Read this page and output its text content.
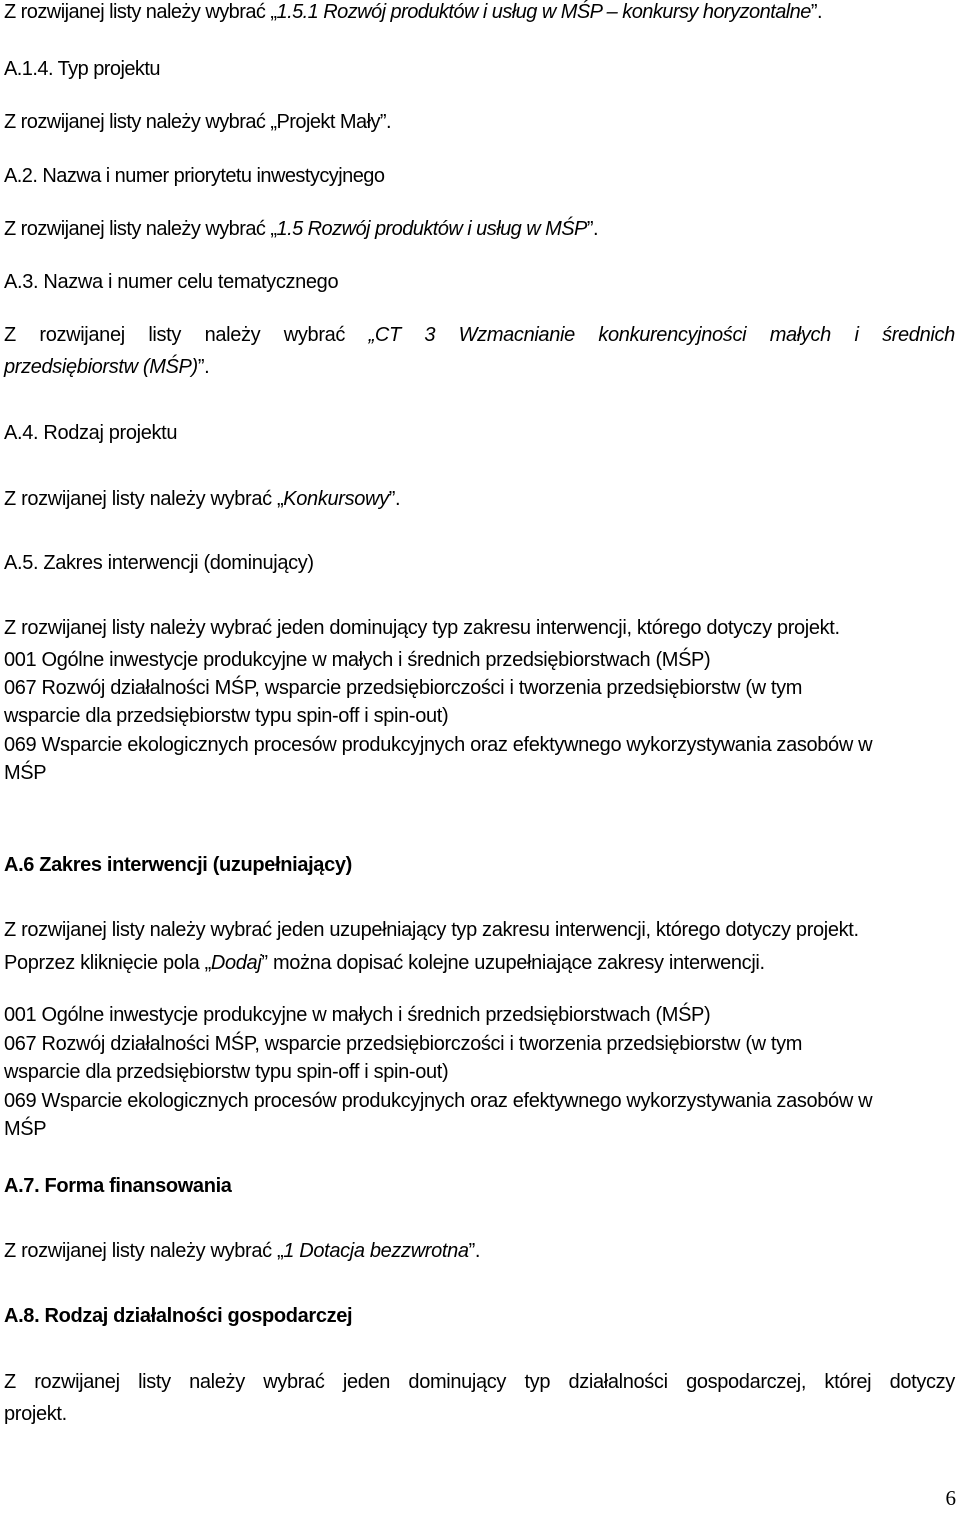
Z rozwijanej listy należy wybrać „1.5.1 Rozwój produktów i usług w MŚP – konkursy horyzontalne”.
A.1.4. Typ projektu
Z rozwijanej listy należy wybrać „Projekt Mały”.
A.2. Nazwa i numer priorytetu inwestycyjnego
Z rozwijanej listy należy wybrać „1.5 Rozwój produktów i usług w MŚP”.
A.3. Nazwa i numer celu tematycznego
Z rozwijanej listy należy wybrać „CT 3 Wzmacnianie konkurencyjności małych i średnich
przedsiębiorstw (MŚP)”.
A.4. Rodzaj projektu
Z rozwijanej listy należy wybrać „Konkursowy”.
A.5. Zakres interwencji (dominujący)
Z rozwijanej listy należy wybrać jeden dominujący typ zakresu interwencji, którego dotyczy projekt.
001 Ogólne inwestycje produkcyjne w małych i średnich przedsiębiorstwach (MŚP)
067 Rozwój działalności MŚP, wsparcie przedsiębiorczości i tworzenia przedsiębiorstw (w tym
wsparcie dla przedsiębiorstw typu spin-off i spin-out)
069 Wsparcie ekologicznych procesów produkcyjnych oraz efektywnego wykorzystywania zasobów w
MŚP
A.6 Zakres interwencji (uzupełniający)
Z rozwijanej listy należy wybrać jeden uzupełniający typ zakresu interwencji, którego dotyczy projekt.
Poprzez kliknięcie pola „Dodaj” można dopisać kolejne uzupełniające zakresy interwencji.
001 Ogólne inwestycje produkcyjne w małych i średnich przedsiębiorstwach (MŚP)
067 Rozwój działalności MŚP, wsparcie przedsiębiorczości i tworzenia przedsiębiorstw (w tym
wsparcie dla przedsiębiorstw typu spin-off i spin-out)
069 Wsparcie ekologicznych procesów produkcyjnych oraz efektywnego wykorzystywania zasobów w
MŚP
A.7. Forma finansowania
Z rozwijanej listy należy wybrać „1 Dotacja bezzwrotna”.
A.8. Rodzaj działalności gospodarczej
Z rozwijanej listy należy wybrać jeden dominujący typ działalności gospodarczej, której dotyczy
projekt.
6
